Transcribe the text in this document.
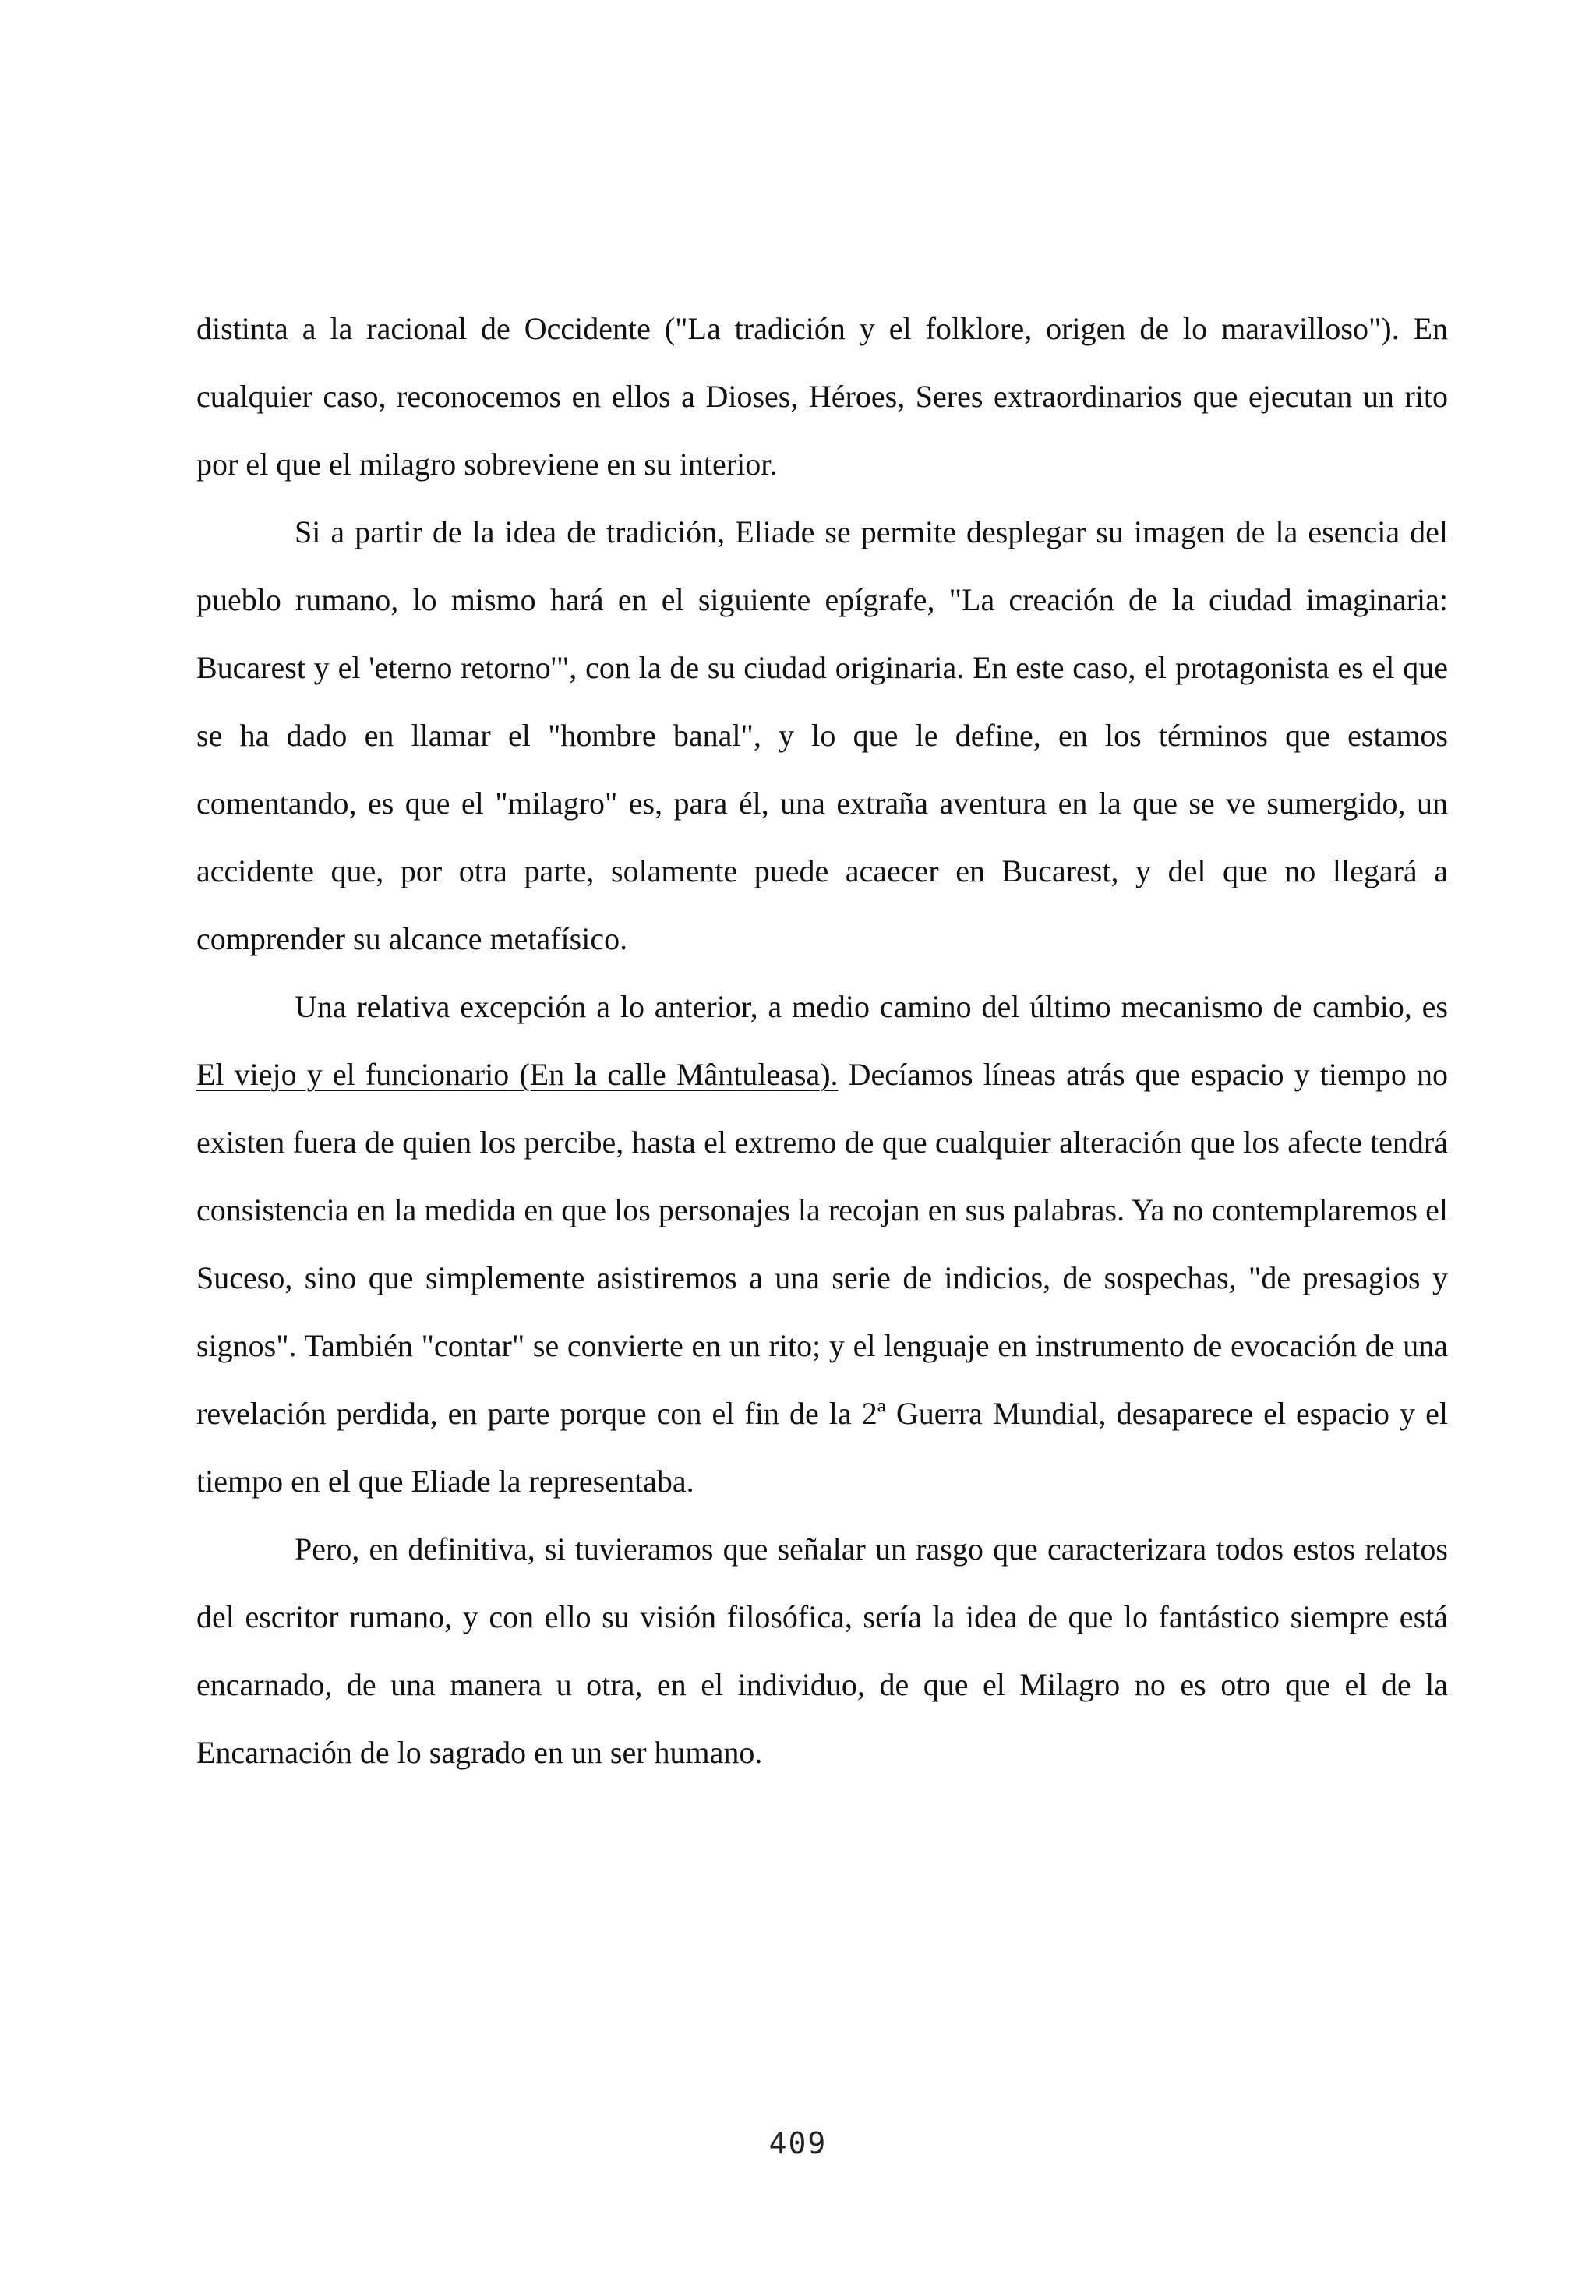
distinta a la racional de Occidente ("La tradición y el folklore, origen de lo maravilloso"). En cualquier caso, reconocemos en ellos a Dioses, Héroes, Seres extraordinarios que ejecutan un rito por el que el milagro sobreviene en su interior.

Si a partir de la idea de tradición, Eliade se permite desplegar su imagen de la esencia del pueblo rumano, lo mismo hará en el siguiente epígrafe, "La creación de la ciudad imaginaria: Bucarest y el 'eterno retorno'", con la de su ciudad originaria. En este caso, el protagonista es el que se ha dado en llamar el "hombre banal", y lo que le define, en los términos que estamos comentando, es que el "milagro" es, para él, una extraña aventura en la que se ve sumergido, un accidente que, por otra parte, solamente puede acaecer en Bucarest, y del que no llegará a comprender su alcance metafísico.

Una relativa excepción a lo anterior, a medio camino del último mecanismo de cambio, es El viejo y el funcionario (En la calle Mântuleasa). Decíamos líneas atrás que espacio y tiempo no existen fuera de quien los percibe, hasta el extremo de que cualquier alteración que los afecte tendrá consistencia en la medida en que los personajes la recojan en sus palabras. Ya no contemplaremos el Suceso, sino que simplemente asistiremos a una serie de indicios, de sospechas, "de presagios y signos". También "contar" se convierte en un rito; y el lenguaje en instrumento de evocación de una revelación perdida, en parte porque con el fin de la 2ª Guerra Mundial, desaparece el espacio y el tiempo en el que Eliade la representaba.

Pero, en definitiva, si tuvieramos que señalar un rasgo que caracterizara todos estos relatos del escritor rumano, y con ello su visión filosófica, sería la idea de que lo fantástico siempre está encarnado, de una manera u otra, en el individuo, de que el Milagro no es otro que el de la Encarnación de lo sagrado en un ser humano.

409
